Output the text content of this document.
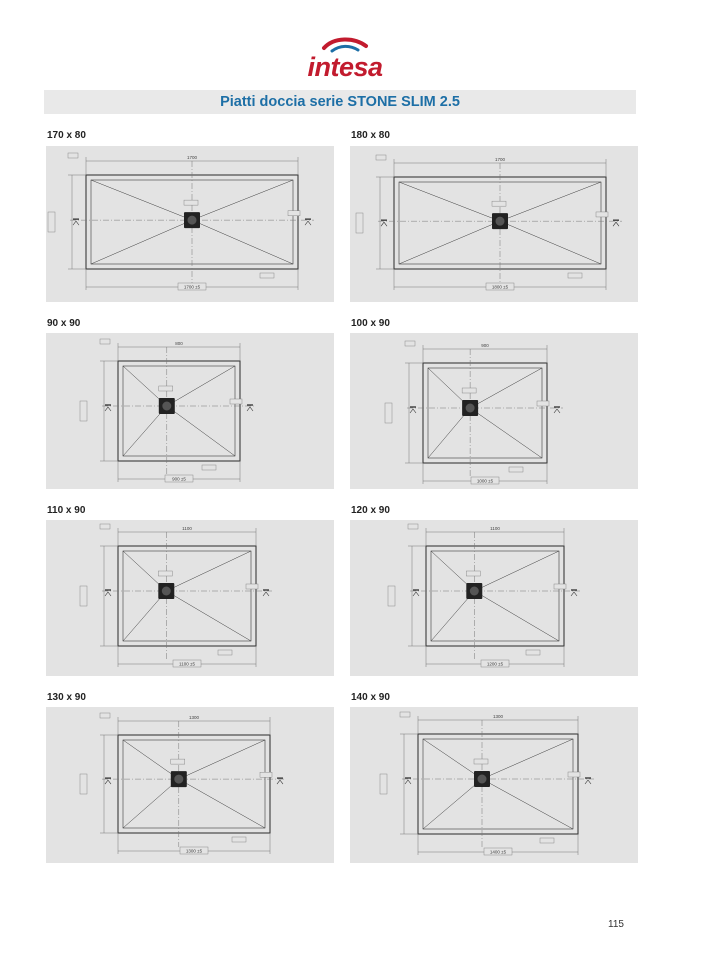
intesa
Piatti doccia serie STONE SLIM 2.5
170 x 80
1700
1700 ±5
180 x 80
1700
1800 ±5
90 x 90
800
900 ±5
100 x 90
900
1000 ±5
110 x 90
1100
1100 ±5
120 x 90
1100
1200 ±5
130 x 90
1300
1300 ±5
140 x 90
1300
1400 ±5
115
